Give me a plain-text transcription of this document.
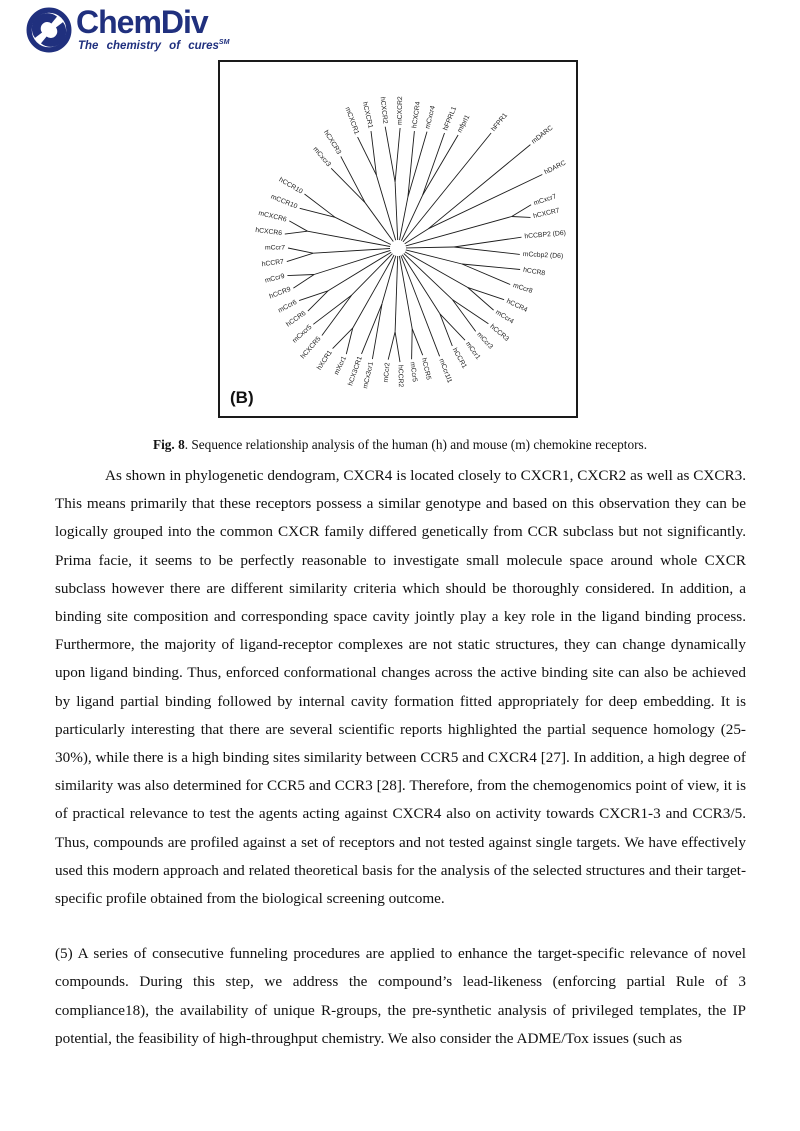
ChemDiv
The chemistry of cures℠
hCCR10
mCCR10
mCXCR6
hCXCR6
mCcr7
hCCR7
mCcr9
hCCR9
mCcr6
hCCR6
mCxcr5
hCXCR5
hXCR1 mXcr1 hCX3CR1
mCx3cr1 mCcr2 hCCR2 mCcr5 hCCR5 mCcr1l1
hCCR1
mCcr1
mCcr3
hCCR3
mCcr4
hCCR4
mCcr8
hCCR8
mCcbp2 (D6)
hCCBP2 (D6)
hCXCR7
mCxcr7
hDARC
mDARC
hFPR1
mfprl1
hFPRL1
mCxcr4
hCXCR4
mCXCR2
hCXCR2
hCXCR1
mCXCR1
hCXCR3
mCxcr3
(B)

Fig. 8. Sequence relationship analysis of the human (h) and mouse (m) chemokine receptors.

As shown in phylogenetic dendogram, CXCR4 is located closely to CXCR1, CXCR2 as well as CXCR3. This means primarily that these receptors possess a similar genotype and based on this observation they can be logically grouped into the common CXCR family differed genetically from CCR subclass but not significantly. Prima facie, it seems to be perfectly reasonable to investigate small molecule space around whole CXCR subclass however there are different similarity criteria which should be thoroughly considered. In addition, a binding site composition and corresponding space cavity jointly play a key role in the ligand binding process. Furthermore, the majority of ligand-receptor complexes are not static structures, they can change dynamically upon ligand binding. Thus, enforced conformational changes across the active binding site can also be achieved by ligand partial binding followed by internal cavity formation fitted appropriately for deep embedding. It is particularly interesting that there are several scientific reports highlighted the partial sequence homology (25-30%), while there is a high binding sites similarity between CCR5 and CXCR4 [27]. In addition, a high degree of similarity was also determined for CCR5 and CCR3 [28]. Therefore, from the chemogenomics point of view, it is of practical relevance to test the agents acting against CXCR4 also on activity towards CXCR1-3 and CCR3/5. Thus, compounds are profiled against a set of receptors and not tested against single targets. We have effectively used this modern approach and related theoretical basis for the analysis of the selected structures and their target-specific profile obtained from the biological screening outcome.

(5) A series of consecutive funneling procedures are applied to enhance the target-specific relevance of novel compounds. During this step, we address the compound’s lead-likeness (enforcing partial Rule of 3 compliance18), the availability of unique R-groups, the pre-synthetic analysis of privileged templates, the IP potential, the feasibility of high-throughput chemistry. We also consider the ADME/Tox issues (such as
